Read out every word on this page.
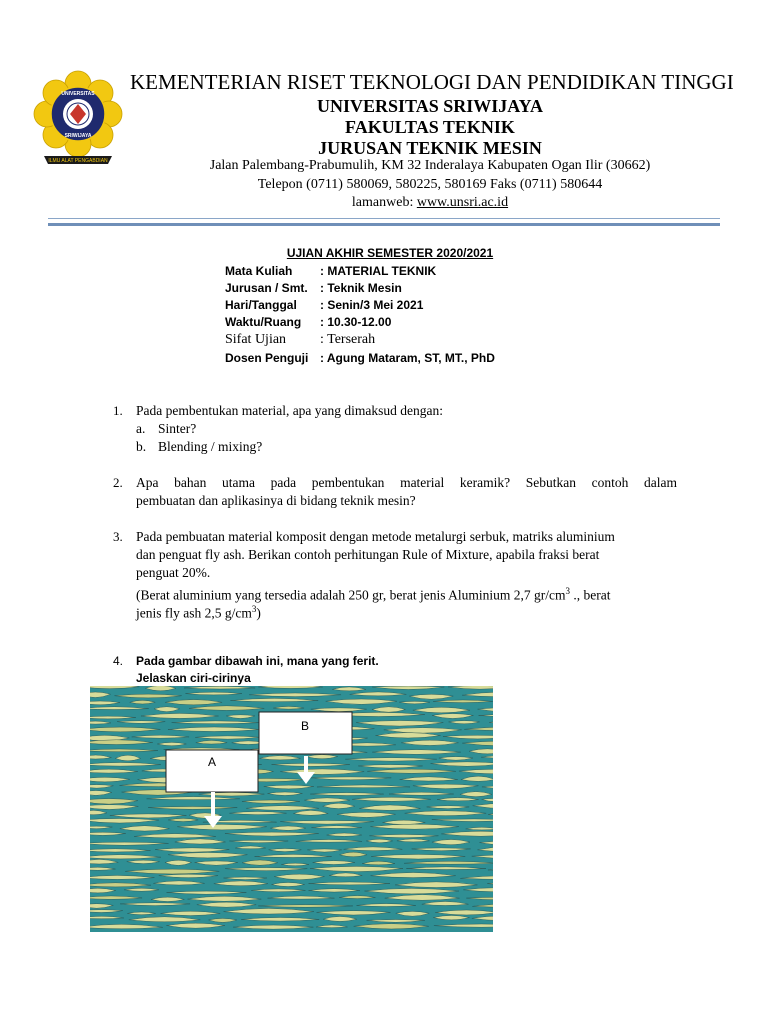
ILMU ALAT PENGABDIAN
UNIVERSITAS
SRIWIJAYA
KEMENTERIAN RISET TEKNOLOGI DAN PENDIDIKAN TINGGI
UNIVERSITAS SRIWIJAYA
FAKULTAS TEKNIK
JURUSAN TEKNIK MESIN
Jalan Palembang-Prabumulih, KM 32 Inderalaya Kabupaten Ogan Ilir (30662)
Telepon (0711) 580069, 580225, 580169 Faks (0711) 580644
lamanweb: www.unsri.ac.id
UJIAN AKHIR SEMESTER 2020/2021
Mata Kuliah : MATERIAL TEKNIK
Jurusan / Smt. : Teknik Mesin
Hari/Tanggal : Senin/3 Mei 2021
Waktu/Ruang : 10.30-12.00
Sifat Ujian : Terserah
Dosen Penguji : Agung Mataram, ST, MT., PhD
1. Pada pembentukan material, apa yang dimaksud dengan:
a. Sinter?
b. Blending / mixing?
2. Apa bahan utama pada pembentukan material keramik? Sebutkan contoh dalam
pembuatan dan aplikasinya di bidang teknik mesin?
3. Pada pembuatan material komposit dengan metode metalurgi serbuk, matriks aluminium
dan penguat fly ash. Berikan contoh perhitungan Rule of Mixture, apabila fraksi berat
penguat 20%.
(Berat aluminium yang tersedia adalah 250 gr, berat jenis Aluminium 2,7 $gr/cm^3$ ., berat
jenis fly ash 2,5 $g/cm^3$)
4. Pada gambar dibawah ini, mana yang ferit.
Jelaskan ciri-cirinya
A
B
